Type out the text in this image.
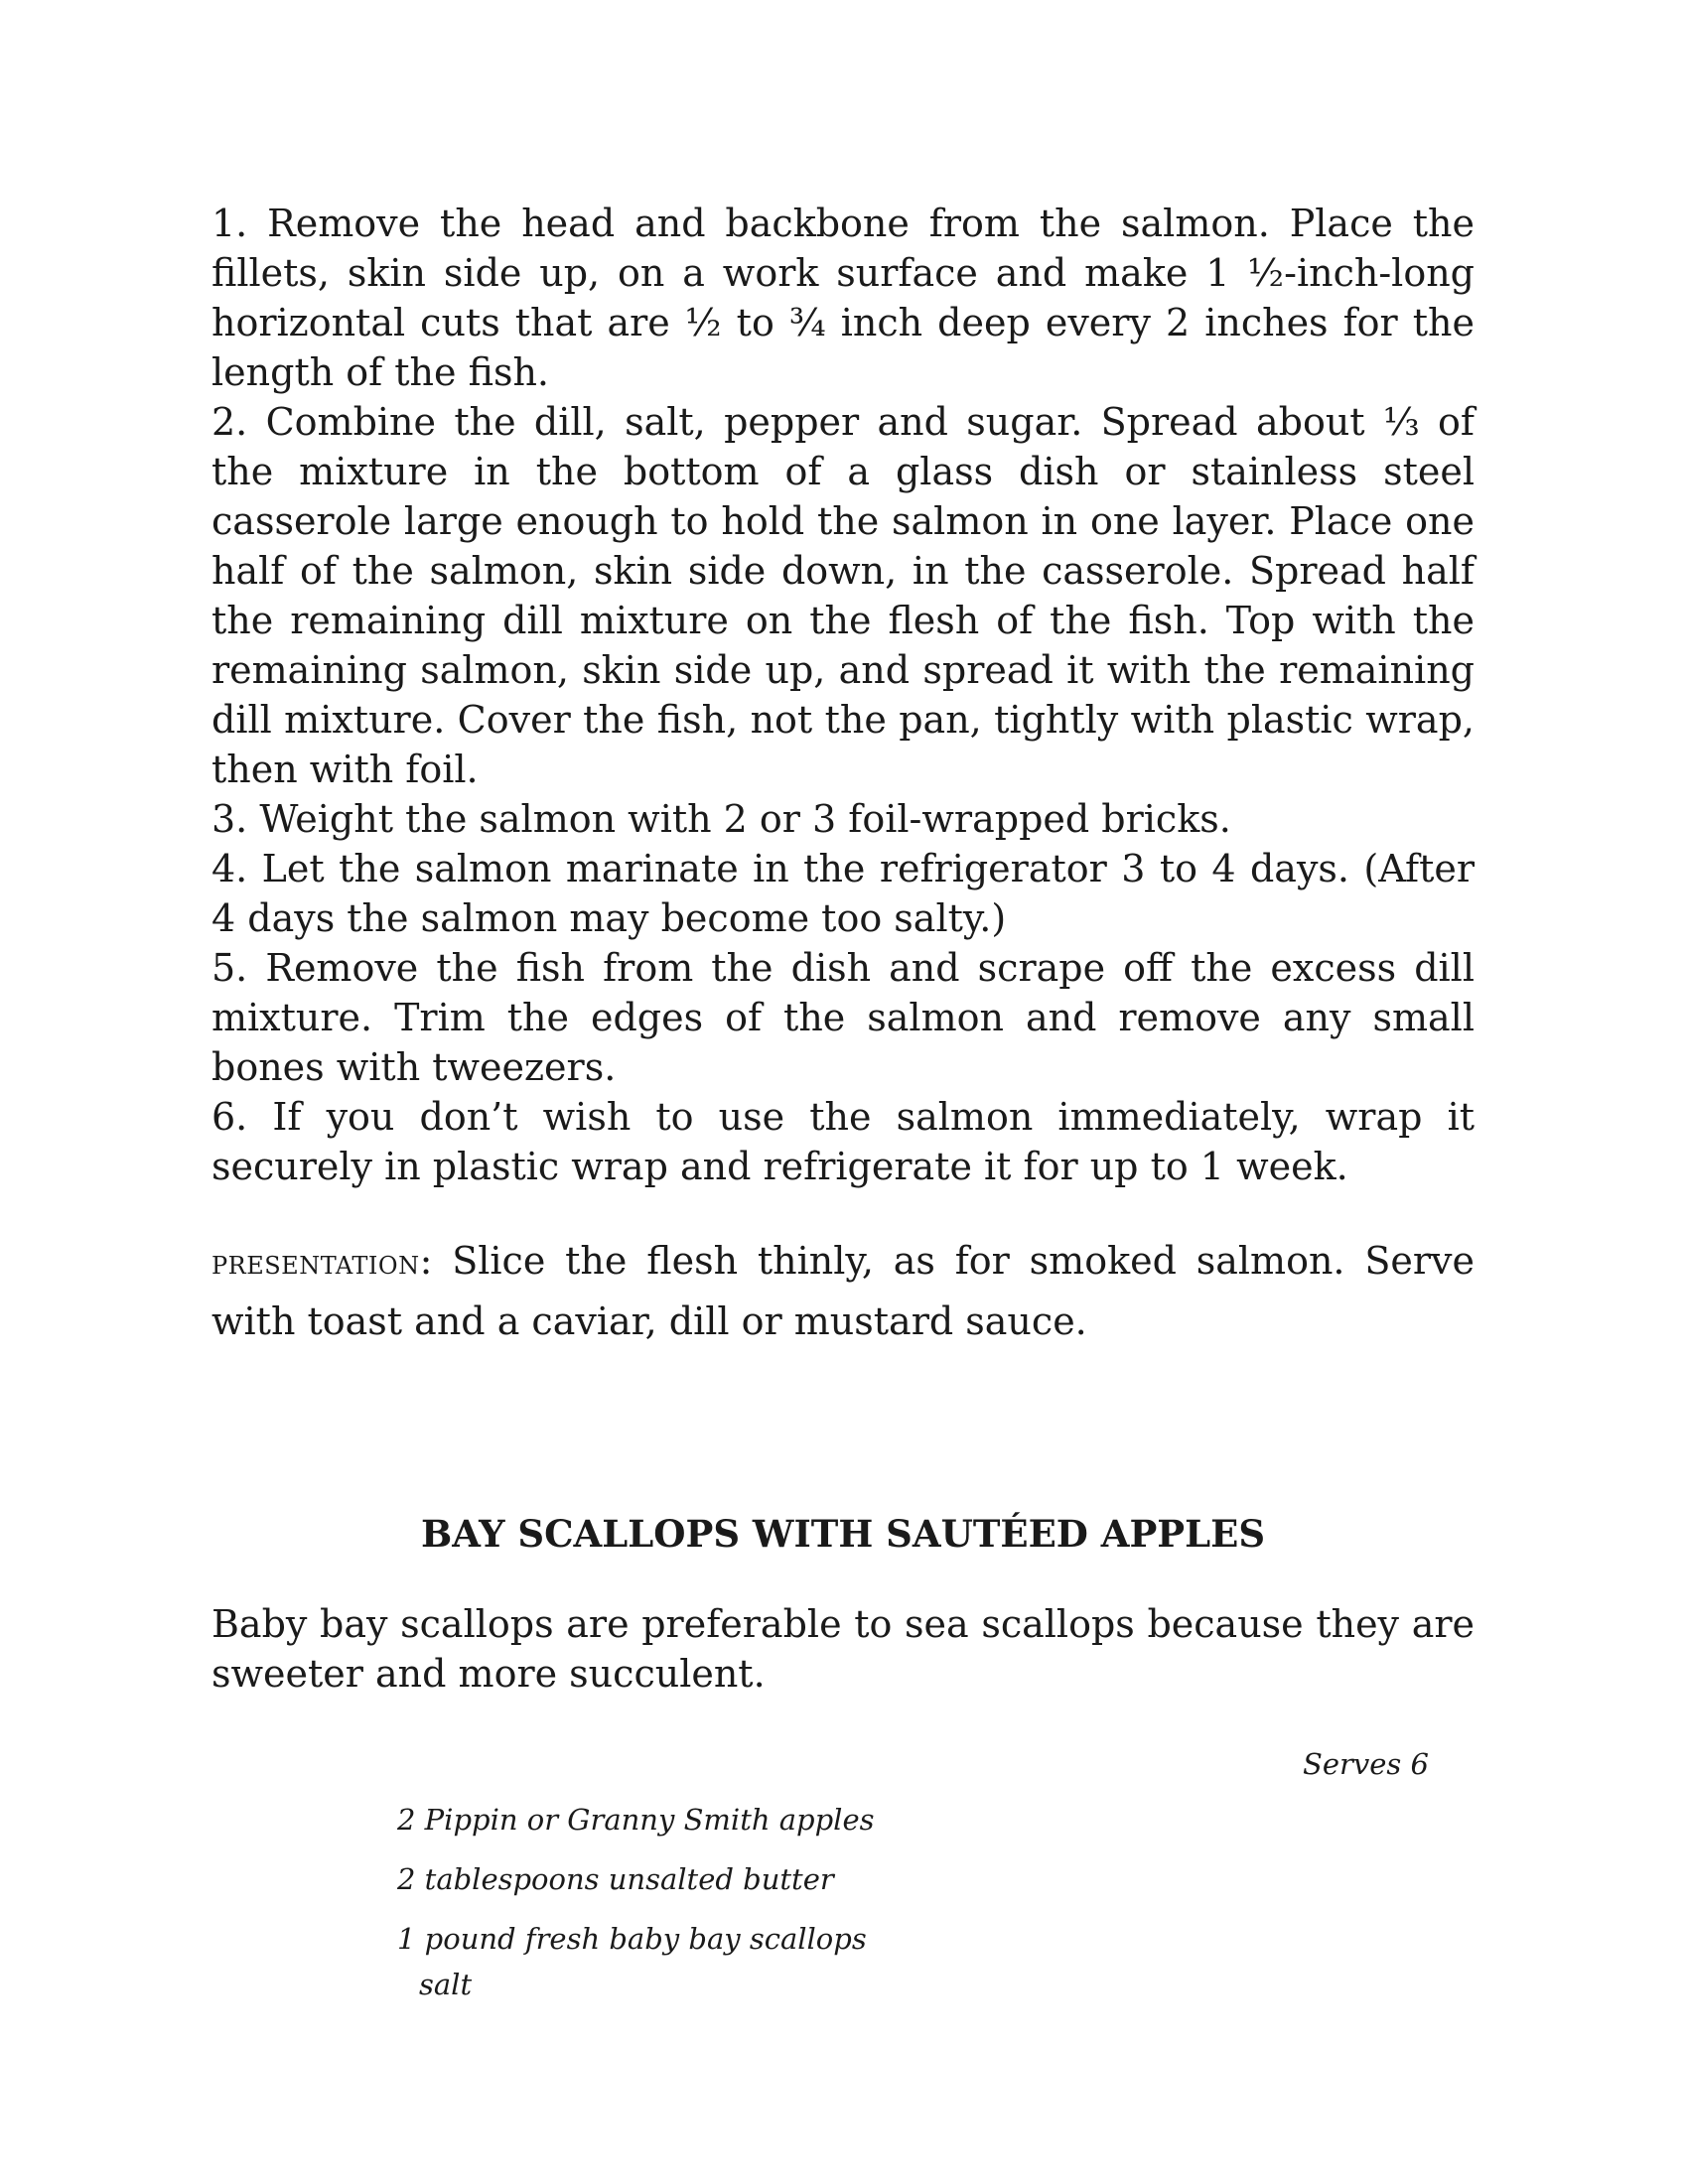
1. Remove the head and backbone from the salmon. Place the fillets, skin side up, on a work surface and make 1 ½-inch-long horizontal cuts that are ½ to ¾ inch deep every 2 inches for the length of the fish.

2. Combine the dill, salt, pepper and sugar. Spread about ⅓ of the mixture in the bottom of a glass dish or stainless steel casserole large enough to hold the salmon in one layer. Place one half of the salmon, skin side down, in the casserole. Spread half the remaining dill mixture on the flesh of the fish. Top with the remaining salmon, skin side up, and spread it with the remaining dill mixture. Cover the fish, not the pan, tightly with plastic wrap, then with foil.

3. Weight the salmon with 2 or 3 foil-wrapped bricks.

4. Let the salmon marinate in the refrigerator 3 to 4 days. (After 4 days the salmon may become too salty.)

5. Remove the fish from the dish and scrape off the excess dill mixture. Trim the edges of the salmon and remove any small bones with tweezers.

6. If you don’t wish to use the salmon immediately, wrap it securely in plastic wrap and refrigerate it for up to 1 week.

PRESENTATION: Slice the flesh thinly, as for smoked salmon. Serve with toast and a caviar, dill or mustard sauce.

BAY SCALLOPS WITH SAUTÉED APPLES

Baby bay scallops are preferable to sea scallops because they are sweeter and more succulent.

Serves 6

2 Pippin or Granny Smith apples
2 tablespoons unsalted butter
1 pound fresh baby bay scallops
salt
